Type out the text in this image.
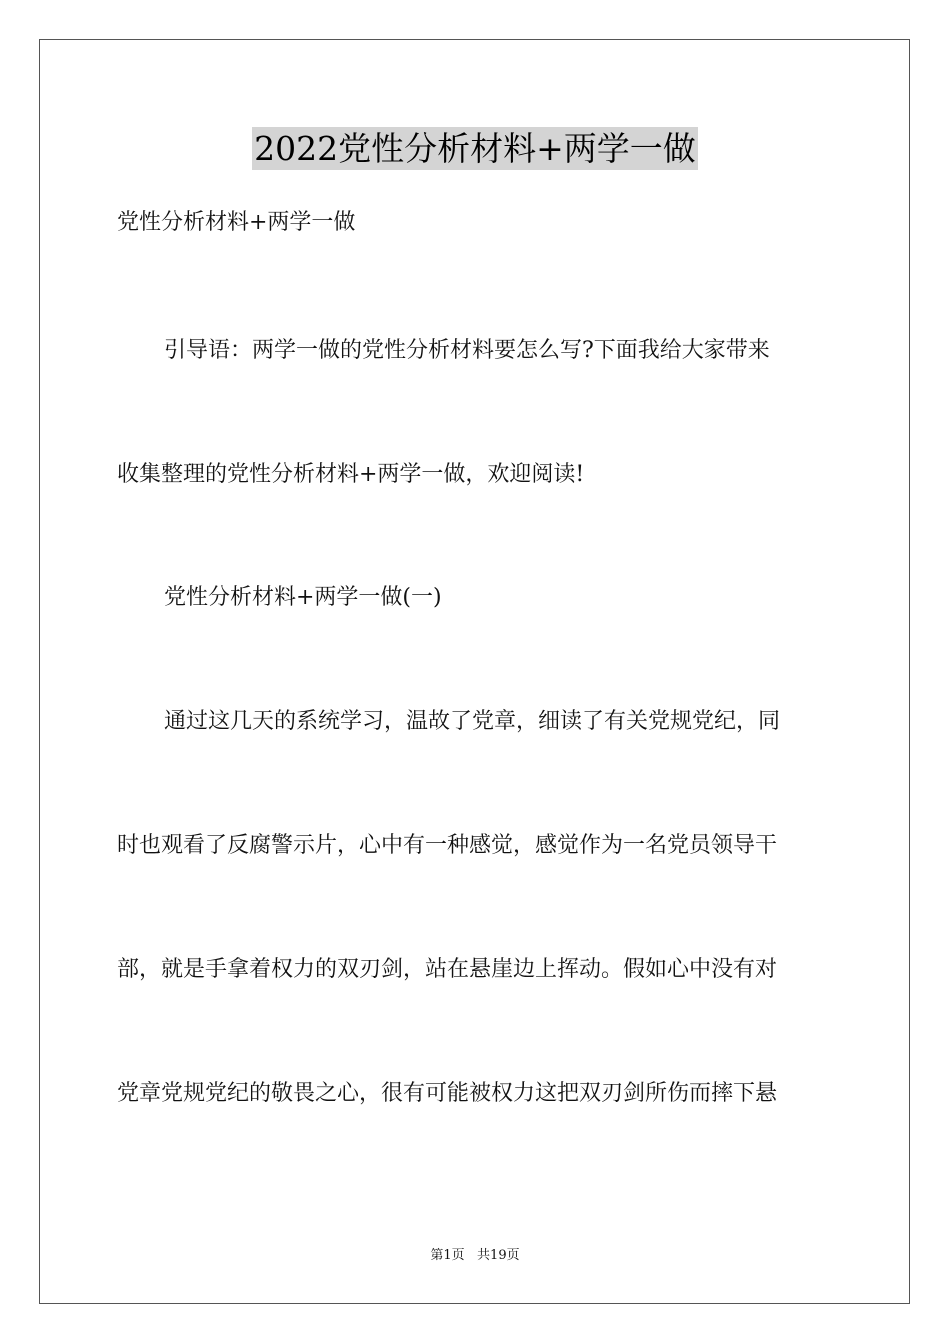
2022党性分析材料+两学一做
党性分析材料+两学一做
引导语：两学一做的党性分析材料要怎么写?下面我给大家带来
收集整理的党性分析材料+两学一做，欢迎阅读!
党性分析材料+两学一做(一)
通过这几天的系统学习，温故了党章，细读了有关党规党纪，同
时也观看了反腐警示片，心中有一种感觉，感觉作为一名党员领导干
部，就是手拿着权力的双刃剑，站在悬崖边上挥动。假如心中没有对
党章党规党纪的敬畏之心，很有可能被权力这把双刃剑所伤而摔下悬
第1页   共19页
